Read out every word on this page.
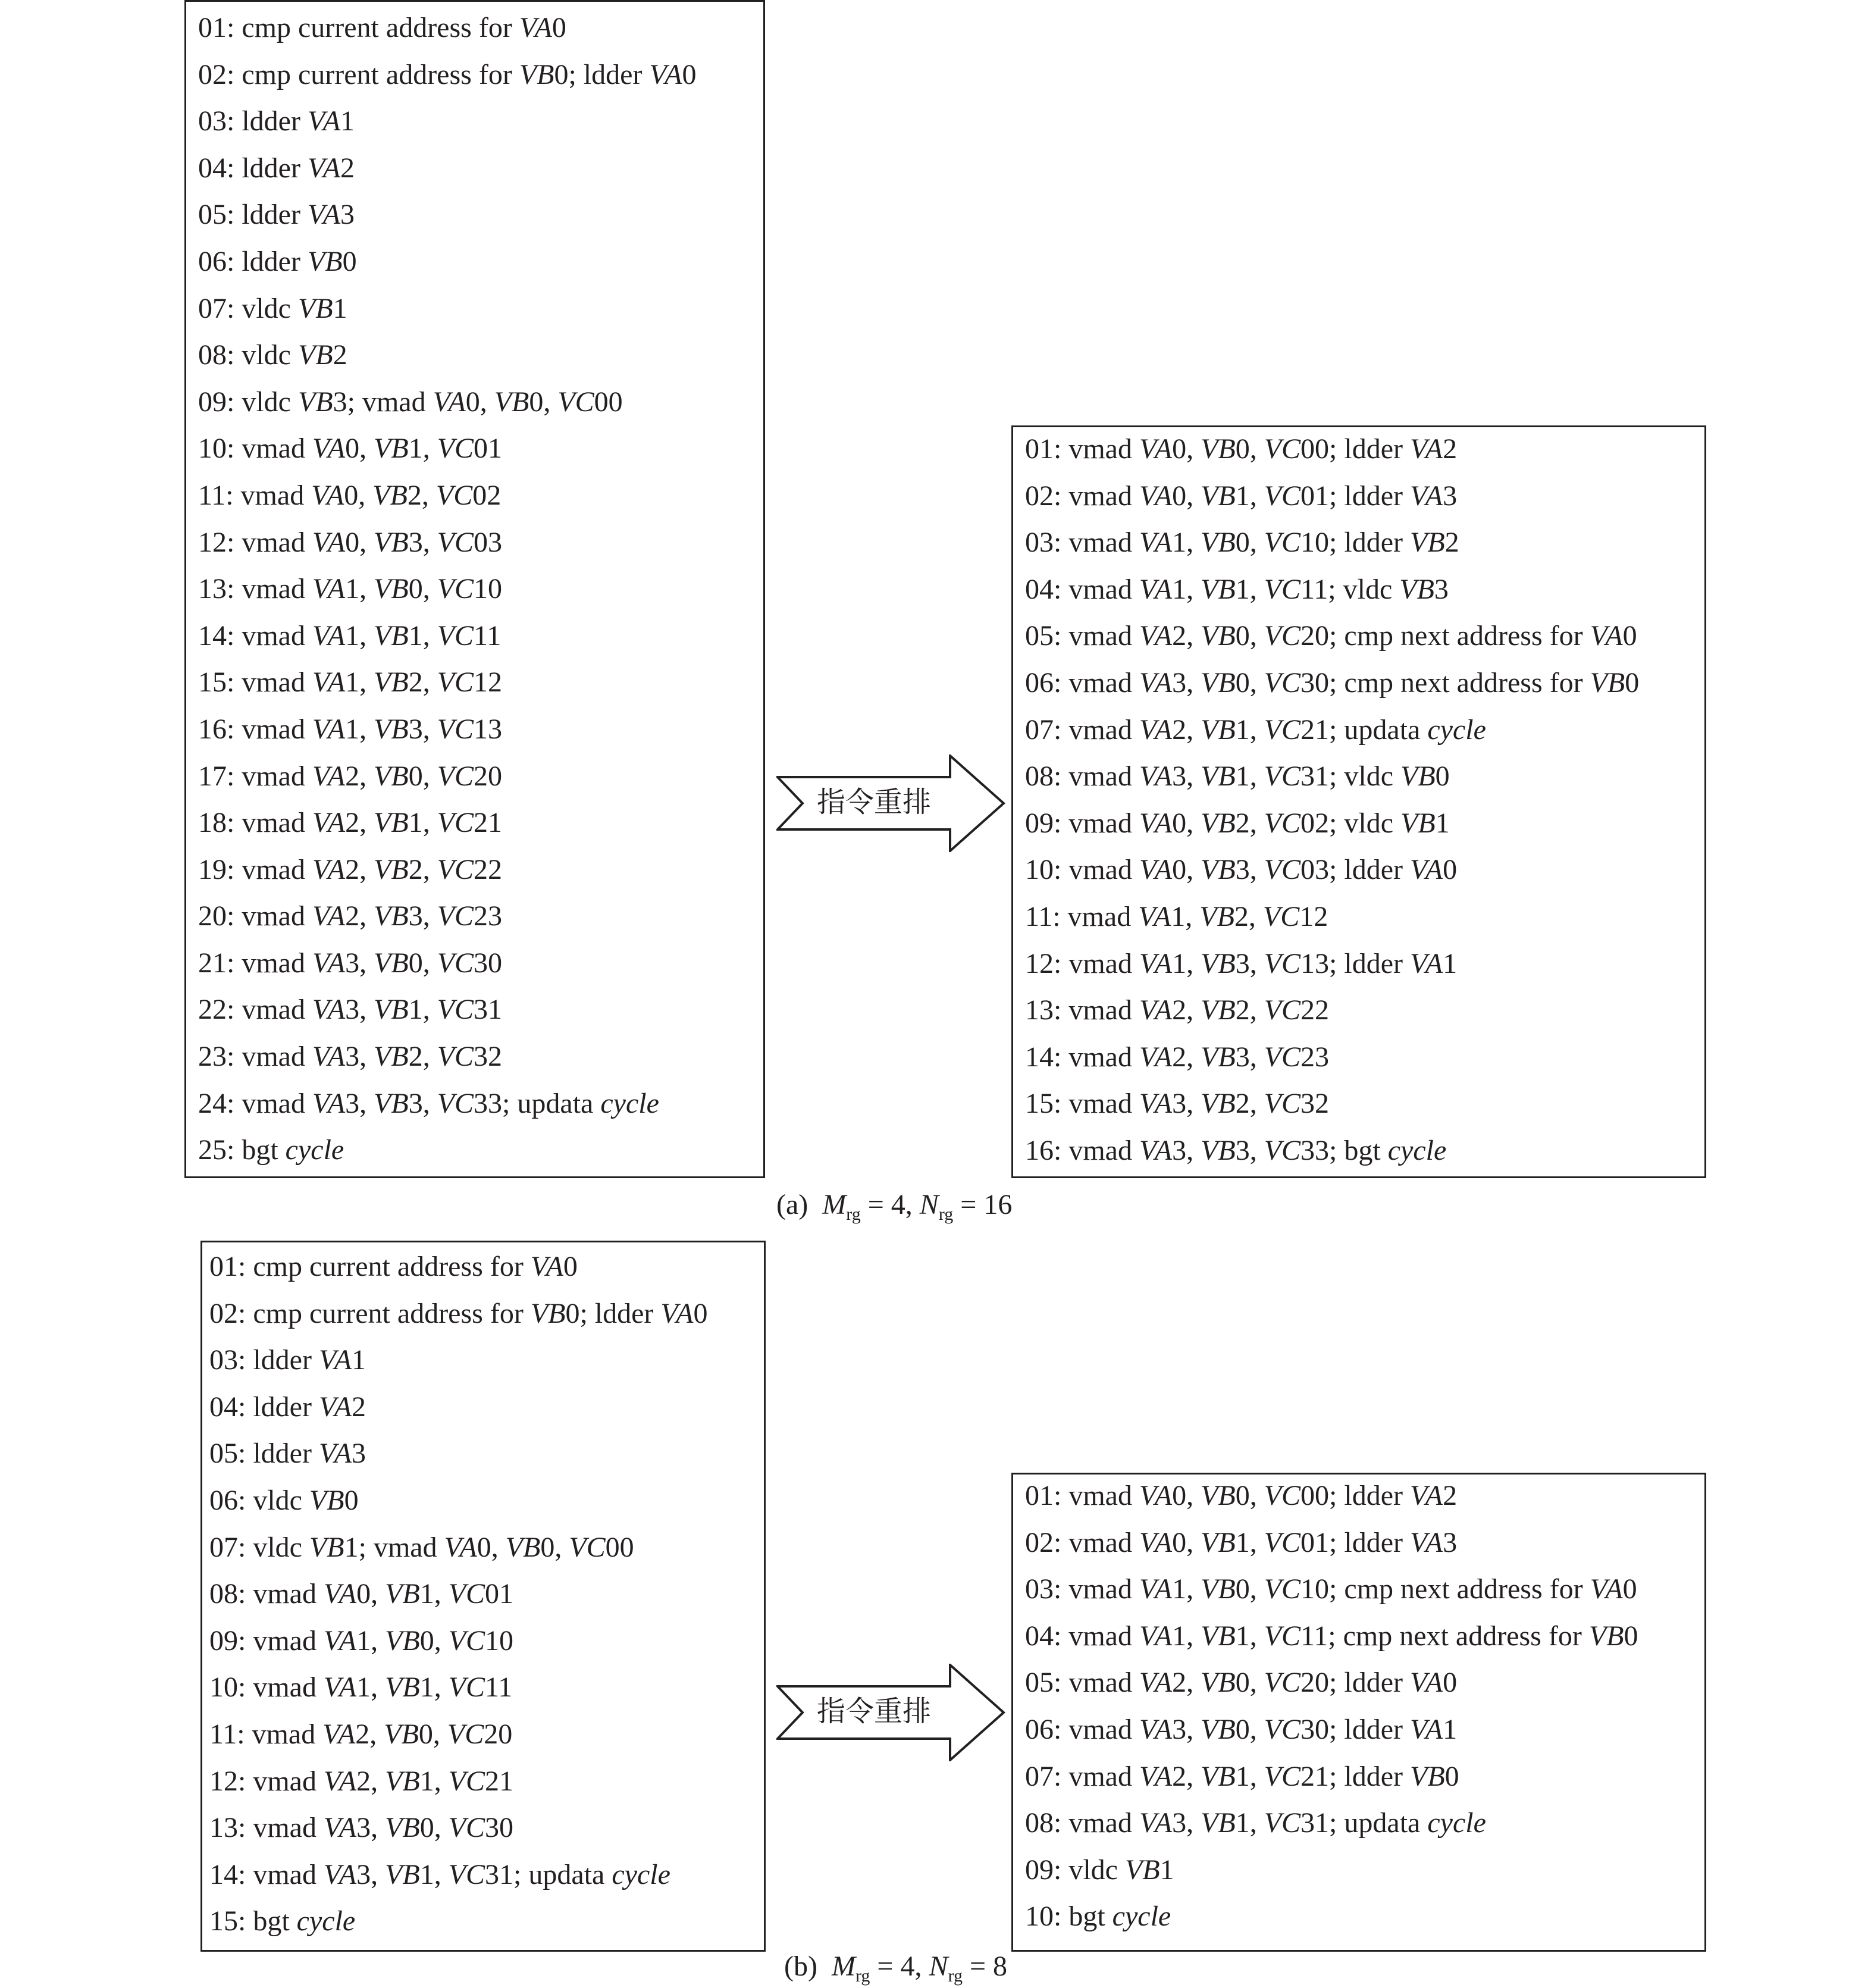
01: cmp current address for VA0
02: cmp current address for VB0; ldder VA0
03: ldder VA1
04: ldder VA2
05: ldder VA3
06: ldder VB0
07: vldc VB1
08: vldc VB2
09: vldc VB3; vmad VA0, VB0, VC00
10: vmad VA0, VB1, VC01
11: vmad VA0, VB2, VC02
12: vmad VA0, VB3, VC03
13: vmad VA1, VB0, VC10
14: vmad VA1, VB1, VC11
15: vmad VA1, VB2, VC12
16: vmad VA1, VB3, VC13
17: vmad VA2, VB0, VC20
18: vmad VA2, VB1, VC21
19: vmad VA2, VB2, VC22
20: vmad VA2, VB3, VC23
21: vmad VA3, VB0, VC30
22: vmad VA3, VB1, VC31
23: vmad VA3, VB2, VC32
24: vmad VA3, VB3, VC33; updata cycle
25: bgt cycle
指令重排
01: vmad VA0, VB0, VC00; ldder VA2
02: vmad VA0, VB1, VC01; ldder VA3
03: vmad VA1, VB0, VC10; ldder VB2
04: vmad VA1, VB1, VC11; vldc VB3
05: vmad VA2, VB0, VC20; cmp next address for VA0
06: vmad VA3, VB0, VC30; cmp next address for VB0
07: vmad VA2, VB1, VC21; updata cycle
08: vmad VA3, VB1, VC31; vldc VB0
09: vmad VA0, VB2, VC02; vldc VB1
10: vmad VA0, VB3, VC03; ldder VA0
11: vmad VA1, VB2, VC12
12: vmad VA1, VB3, VC13; ldder VA1
13: vmad VA2, VB2, VC22
14: vmad VA2, VB3, VC23
15: vmad VA3, VB2, VC32
16: vmad VA3, VB3, VC33; bgt cycle
(a) $M_{rg} = 4$, $N_{rg} = 16$
01: cmp current address for VA0
02: cmp current address for VB0; ldder VA0
03: ldder VA1
04: ldder VA2
05: ldder VA3
06: vldc VB0
07: vldc VB1; vmad VA0, VB0, VC00
08: vmad VA0, VB1, VC01
09: vmad VA1, VB0, VC10
10: vmad VA1, VB1, VC11
11: vmad VA2, VB0, VC20
12: vmad VA2, VB1, VC21
13: vmad VA3, VB0, VC30
14: vmad VA3, VB1, VC31; updata cycle
15: bgt cycle
指令重排
01: vmad VA0, VB0, VC00; ldder VA2
02: vmad VA0, VB1, VC01; ldder VA3
03: vmad VA1, VB0, VC10; cmp next address for VA0
04: vmad VA1, VB1, VC11; cmp next address for VB0
05: vmad VA2, VB0, VC20; ldder VA0
06: vmad VA3, VB0, VC30; ldder VA1
07: vmad VA2, VB1, VC21; ldder VB0
08: vmad VA3, VB1, VC31; updata cycle
09: vldc VB1
10: bgt cycle
(b) $M_{rg} = 4$, $N_{rg} = 8$
